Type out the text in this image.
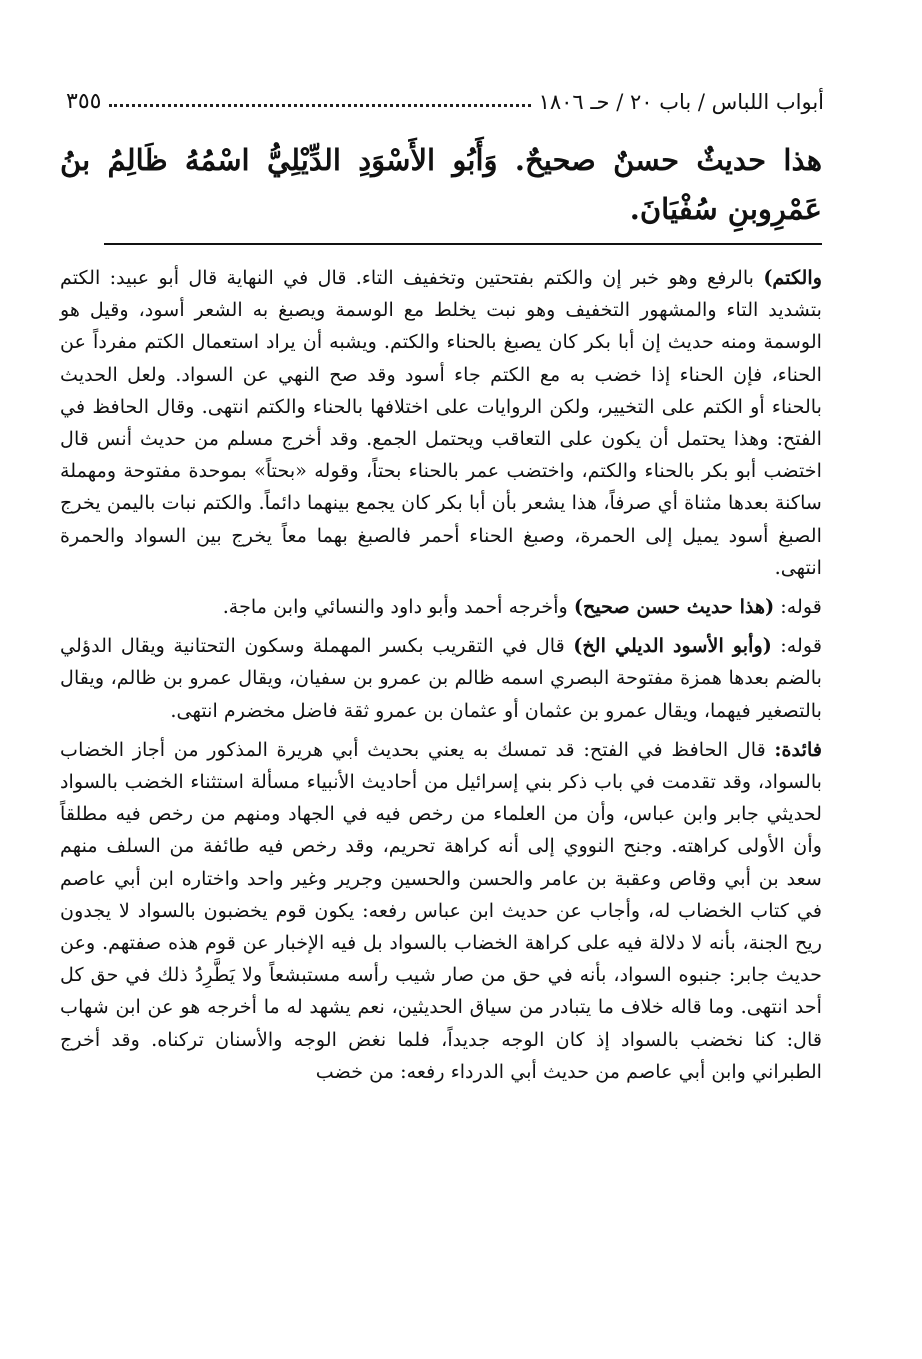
أبواب اللباس / باب ٢٠ / حـ ١٨٠٦
٣٥٥
هذا حديثٌ حسنٌ صحيحٌ. وَأَبُو الأَسْوَدِ الدِّيْلِيُّ اسْمُهُ ظَالِمُ بنُ عَمْرِوبنِ سُفْيَانَ.

والكتم) بالرفع وهو خبر إن والكتم بفتحتين وتخفيف التاء. قال في النهاية قال أبو عبيد: الكتم بتشديد التاء والمشهور التخفيف وهو نبت يخلط مع الوسمة ويصبغ به الشعر أسود، وقيل هو الوسمة ومنه حديث إن أبا بكر كان يصبغ بالحناء والكتم. ويشبه أن يراد استعمال الكتم مفرداً عن الحناء، فإن الحناء إذا خضب به مع الكتم جاء أسود وقد صح النهي عن السواد. ولعل الحديث بالحناء أو الكتم على التخيير، ولكن الروايات على اختلافها بالحناء والكتم انتهى. وقال الحافظ في الفتح: وهذا يحتمل أن يكون على التعاقب ويحتمل الجمع. وقد أخرج مسلم من حديث أنس قال اختضب أبو بكر بالحناء والكتم، واختضب عمر بالحناء بحتاً، وقوله «بحتاً» بموحدة مفتوحة ومهملة ساكنة بعدها مثناة أي صرفاً، هذا يشعر بأن أبا بكر كان يجمع بينهما دائماً. والكتم نبات باليمن يخرج الصبغ أسود يميل إلى الحمرة، وصبغ الحناء أحمر فالصبغ بهما معاً يخرج بين السواد والحمرة انتهى.

قوله: (هذا حديث حسن صحيح) وأخرجه أحمد وأبو داود والنسائي وابن ماجة.

قوله: (وأبو الأسود الديلي الخ) قال في التقريب بكسر المهملة وسكون التحتانية ويقال الدؤلي بالضم بعدها همزة مفتوحة البصري اسمه ظالم بن عمرو بن سفيان، ويقال عمرو بن ظالم، ويقال بالتصغير فيهما، ويقال عمرو بن عثمان أو عثمان بن عمرو ثقة فاضل مخضرم انتهى.

فائدة: قال الحافظ في الفتح: قد تمسك به يعني بحديث أبي هريرة المذكور من أجاز الخضاب بالسواد، وقد تقدمت في باب ذكر بني إسرائيل من أحاديث الأنبياء مسألة استثناء الخضب بالسواد لحديثي جابر وابن عباس، وأن من العلماء من رخص فيه في الجهاد ومنهم من رخص فيه مطلقاً وأن الأولى كراهته. وجنح النووي إلى أنه كراهة تحريم، وقد رخص فيه طائفة من السلف منهم سعد بن أبي وقاص وعقبة بن عامر والحسن والحسين وجرير وغير واحد واختاره ابن أبي عاصم في كتاب الخضاب له، وأجاب عن حديث ابن عباس رفعه: يكون قوم يخضبون بالسواد لا يجدون ريح الجنة، بأنه لا دلالة فيه على كراهة الخضاب بالسواد بل فيه الإخبار عن قوم هذه صفتهم. وعن حديث جابر: جنبوه السواد، بأنه في حق من صار شيب رأسه مستبشعاً ولا يَطَّرِدُ ذلك في حق كل أحد انتهى. وما قاله خلاف ما يتبادر من سياق الحديثين، نعم يشهد له ما أخرجه هو عن ابن شهاب قال: كنا نخضب بالسواد إذ كان الوجه جديداً، فلما نغض الوجه والأسنان تركناه. وقد أخرج الطبراني وابن أبي عاصم من حديث أبي الدرداء رفعه: من خضب
